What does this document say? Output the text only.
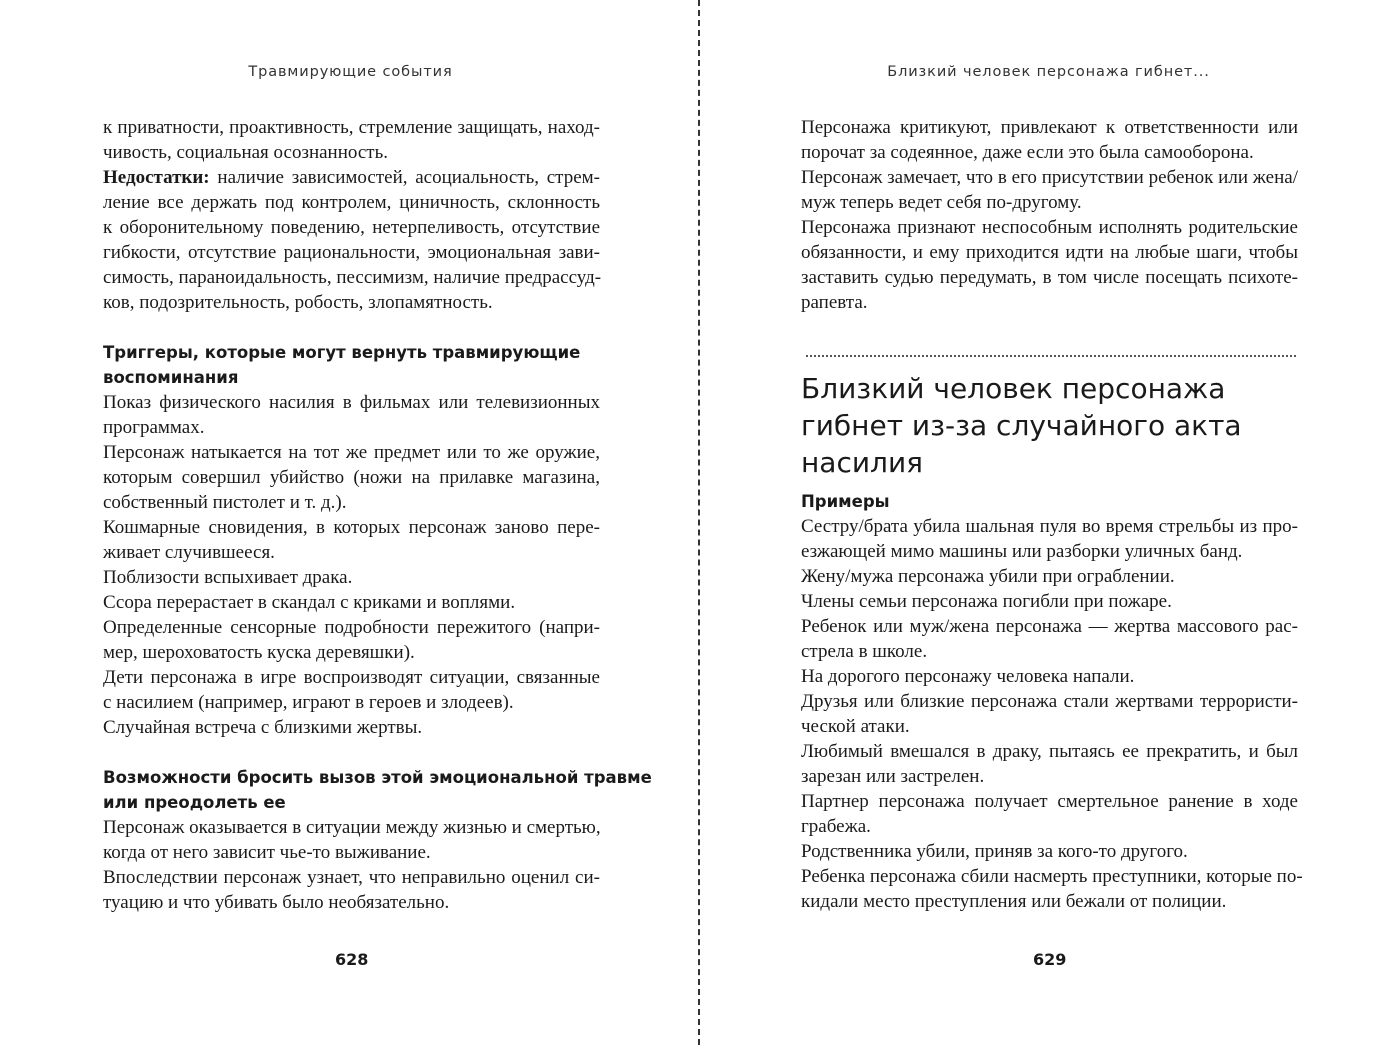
Травмирующие события
к приватности, проактивность, стремление защищать, наход-
чивость, социальная осознанность.
Недостатки: наличие зависимостей, асоциальность, стрем-
ление все держать под контролем, циничность, склонность
к оборонительному поведению, нетерпеливость, отсутствие
гибкости, отсутствие рациональности, эмоциональная зави-
симость, параноидальность, пессимизм, наличие предрассуд-
ков, подозрительность, робость, злопамятность.
Триггеры, которые могут вернуть травмирующие
воспоминания
Показ физического насилия в фильмах или телевизионных
программах.
Персонаж натыкается на тот же предмет или то же оружие,
которым совершил убийство (ножи на прилавке магазина,
собственный пистолет и т. д.).
Кошмарные сновидения, в которых персонаж заново пере-
живает случившееся.
Поблизости вспыхивает драка.
Ссора перерастает в скандал с криками и воплями.
Определенные сенсорные подробности пережитого (напри-
мер, шероховатость куска деревяшки).
Дети персонажа в игре воспроизводят ситуации, связанные
с насилием (например, играют в героев и злодеев).
Случайная встреча с близкими жертвы.
Возможности бросить вызов этой эмоциональной травме
или преодолеть ее
Персонаж оказывается в ситуации между жизнью и смертью,
когда от него зависит чье-то выживание.
Впоследствии персонаж узнает, что неправильно оценил си-
туацию и что убивать было необязательно.
628
Близкий человек персонажа гибнет...
Персонажа критикуют, привлекают к ответственности или
порочат за содеянное, даже если это была самооборона.
Персонаж замечает, что в его присутствии ребенок или жена/
муж теперь ведет себя по-другому.
Персонажа признают неспособным исполнять родительские
обязанности, и ему приходится идти на любые шаги, чтобы
заставить судью передумать, в том числе посещать психоте-
рапевта.
Близкий человек персонажа
гибнет из-за случайного акта
насилия
Примеры
Сестру/брата убила шальная пуля во время стрельбы из про-
езжающей мимо машины или разборки уличных банд.
Жену/мужа персонажа убили при ограблении.
Члены семьи персонажа погибли при пожаре.
Ребенок или муж/жена персонажа — жертва массового рас-
стрела в школе.
На дорогого персонажу человека напали.
Друзья или близкие персонажа стали жертвами террористи-
ческой атаки.
Любимый вмешался в драку, пытаясь ее прекратить, и был
зарезан или застрелен.
Партнер персонажа получает смертельное ранение в ходе
грабежа.
Родственника убили, приняв за кого-то другого.
Ребенка персонажа сбили насмерть преступники, которые по-
кидали место преступления или бежали от полиции.
629
